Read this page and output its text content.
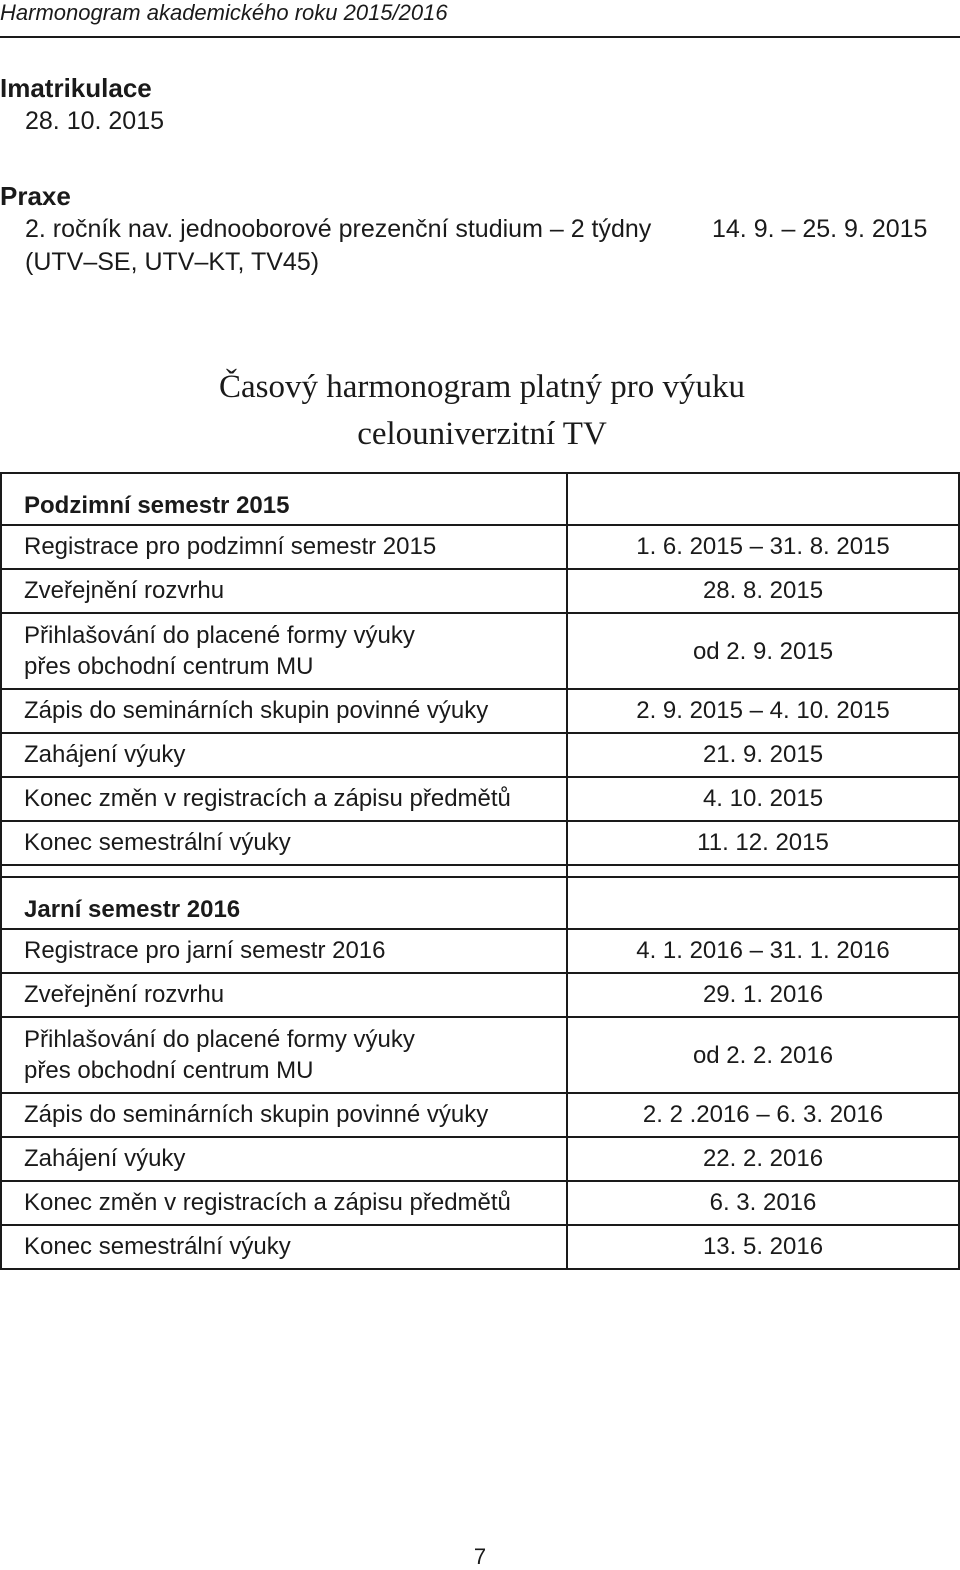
Harmonogram akademického roku 2015/2016
Imatrikulace
28. 10. 2015
Praxe
2. ročník nav. jednooborové prezenční studium – 2 týdny 14. 9. – 25. 9. 2015
(UTV–SE, UTV–KT, TV45)
Časový harmonogram platný pro výuku
celouniverzitní TV
Podzimní semestr 2015	
Registrace pro podzimní semestr 2015	1. 6. 2015 – 31. 8. 2015
Zveřejnění rozvrhu	28. 8. 2015

Přihlašování do placené formy výuky
přes obchodní centrum MU	od 2. 9. 2015
Zápis do seminárních skupin povinné výuky	2. 9. 2015 – 4. 10. 2015
Zahájení výuky	21. 9. 2015
Konec změn v registracích a zápisu předmětů	4. 10. 2015
Konec semestrální výuky	11. 12. 2015

Jarní semestr 2016	
Registrace pro jarní semestr 2016	4. 1. 2016 – 31. 1. 2016
Zveřejnění rozvrhu	29. 1. 2016

Přihlašování do placené formy výuky
přes obchodní centrum MU	od 2. 2. 2016
Zápis do seminárních skupin povinné výuky	2. 2 .2016 – 6. 3. 2016
Zahájení výuky	22. 2. 2016
Konec změn v registracích a zápisu předmětů	6. 3. 2016
Konec semestrální výuky	13. 5. 2016
7
